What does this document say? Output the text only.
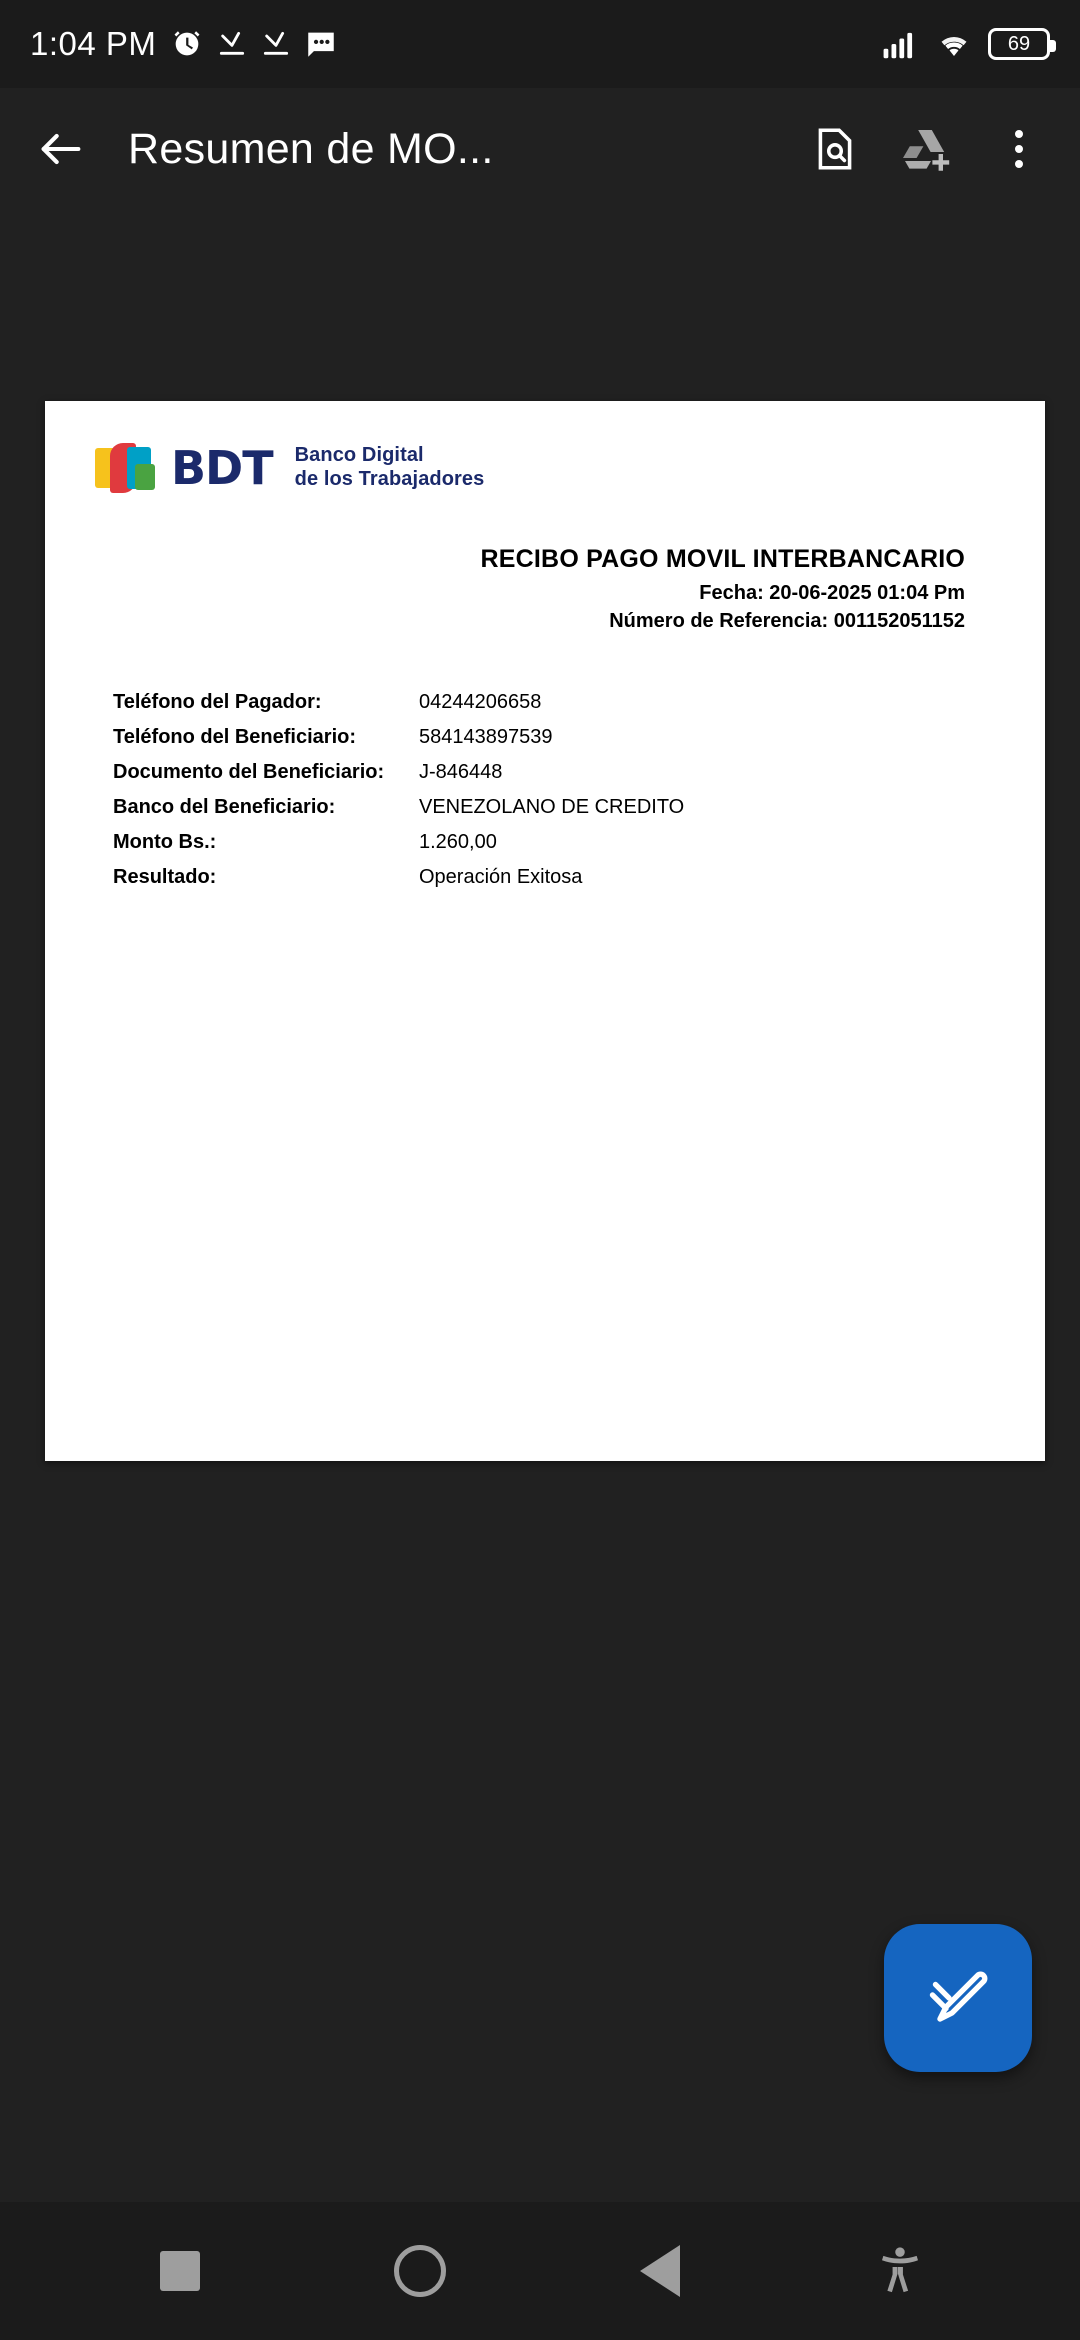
1:04 PM	69
Resumen de MO...
BDT Banco Digital
de los Trabajadores
RECIBO PAGO MOVIL INTERBANCARIO
Fecha: 20-06-2025 01:04 Pm
Número de Referencia: 001152051152
Teléfono del Pagador:	04244206658
Teléfono del Beneficiario:	584143897539
Documento del Beneficiario:	J-846448
Banco del Beneficiario:	VENEZOLANO DE CREDITO
Monto Bs.:	1.260,00
Resultado:	Operación Exitosa
